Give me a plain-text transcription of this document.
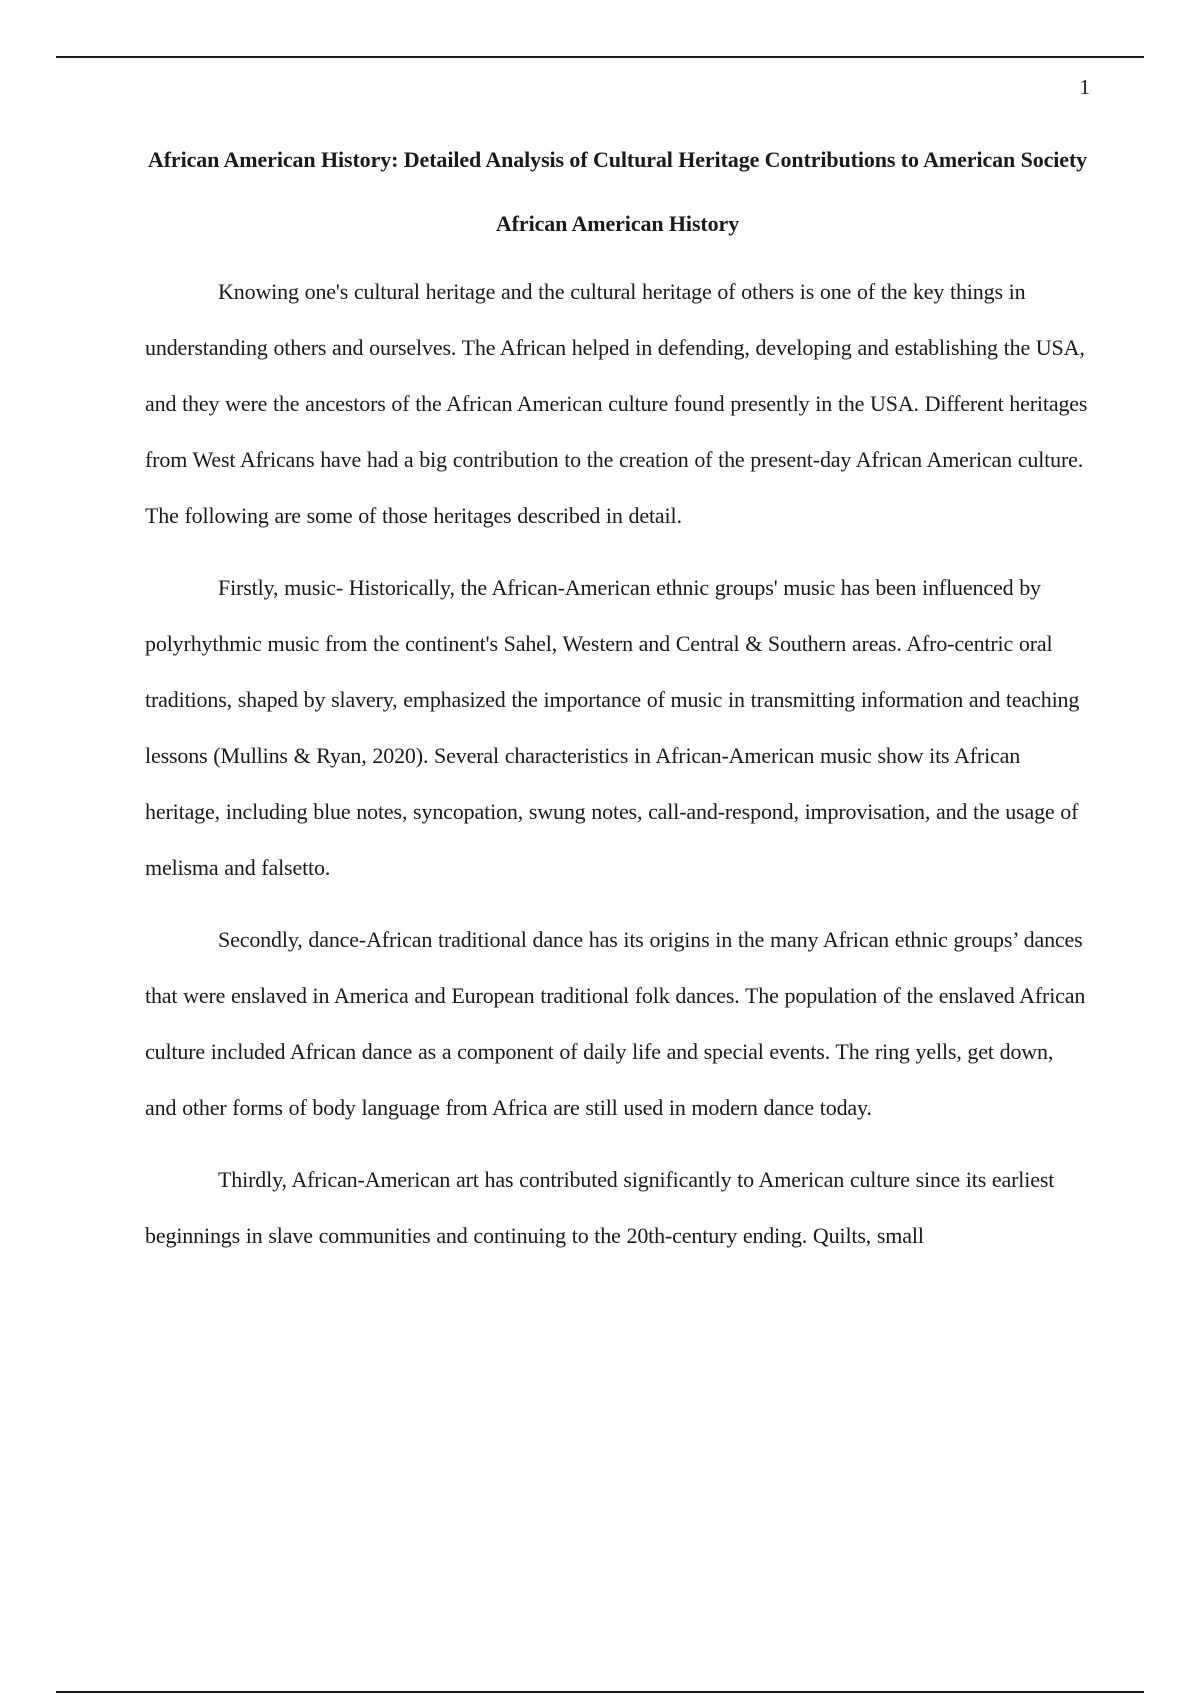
1
African American History: Detailed Analysis of Cultural Heritage Contributions to American Society
African American History

Knowing one's cultural heritage and the cultural heritage of others is one of the key things in understanding others and ourselves. The African helped in defending, developing and establishing the USA, and they were the ancestors of the African American culture found presently in the USA. Different heritages from West Africans have had a big contribution to the creation of the present-day African American culture. The following are some of those heritages described in detail.

Firstly, music- Historically, the African-American ethnic groups' music has been influenced by polyrhythmic music from the continent's Sahel, Western and Central & Southern areas. Afro-centric oral traditions, shaped by slavery, emphasized the importance of music in transmitting information and teaching lessons (Mullins & Ryan, 2020). Several characteristics in African-American music show its African heritage, including blue notes, syncopation, swung notes, call-and-respond, improvisation, and the usage of melisma and falsetto.

Secondly, dance-African traditional dance has its origins in the many African ethnic groups’ dances that were enslaved in America and European traditional folk dances. The population of the enslaved African culture included African dance as a component of daily life and special events. The ring yells, get down, and other forms of body language from Africa are still used in modern dance today.

Thirdly, African-American art has contributed significantly to American culture since its earliest beginnings in slave communities and continuing to the 20th-century ending. Quilts, small
